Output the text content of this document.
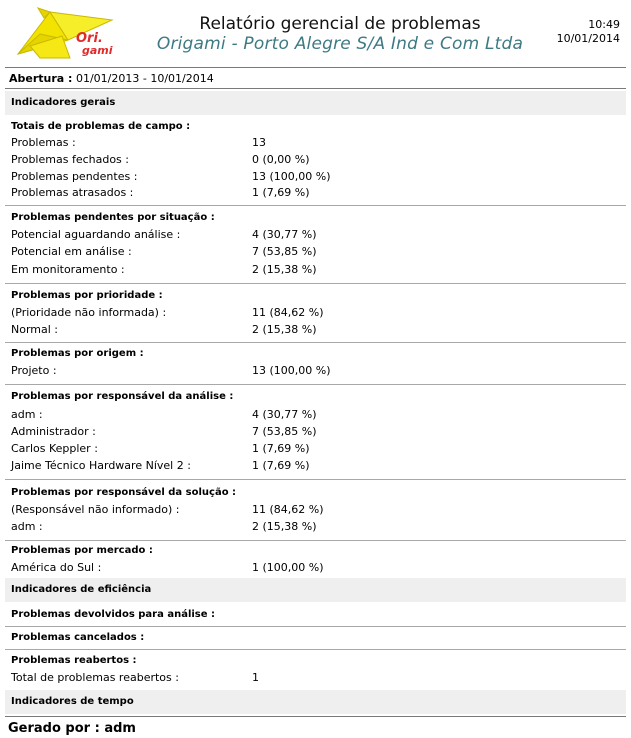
Ori.
gami
Relatório gerencial de problemas
Origami - Porto Alegre S/A Ind e Com Ltda
10:49
10/01/2014
Abertura : 01/01/2013 - 10/01/2014
Indicadores gerais
Totais de problemas de campo :
Problemas :	13
Problemas fechados :	0 (0,00 %)
Problemas pendentes :	13 (100,00 %)
Problemas atrasados :	1 (7,69 %)
Problemas pendentes por situação :
Potencial aguardando análise :	4 (30,77 %)
Potencial em análise :	7 (53,85 %)
Em monitoramento :	2 (15,38 %)
Problemas por prioridade :
(Prioridade não informada) :	11 (84,62 %)
Normal :	2 (15,38 %)
Problemas por origem :
Projeto :	13 (100,00 %)
Problemas por responsável da análise :
adm :	4 (30,77 %)
Administrador :	7 (53,85 %)
Carlos Keppler :	1 (7,69 %)
Jaime Técnico Hardware Nível 2 :	1 (7,69 %)
Problemas por responsável da solução :
(Responsável não informado) :	11 (84,62 %)
adm :	2 (15,38 %)
Problemas por mercado :
América do Sul :	1 (100,00 %)
Indicadores de eficiência
Problemas devolvidos para análise :
Problemas cancelados :
Problemas reabertos :
Total de problemas reabertos :	1
Indicadores de tempo
Gerado por : adm
